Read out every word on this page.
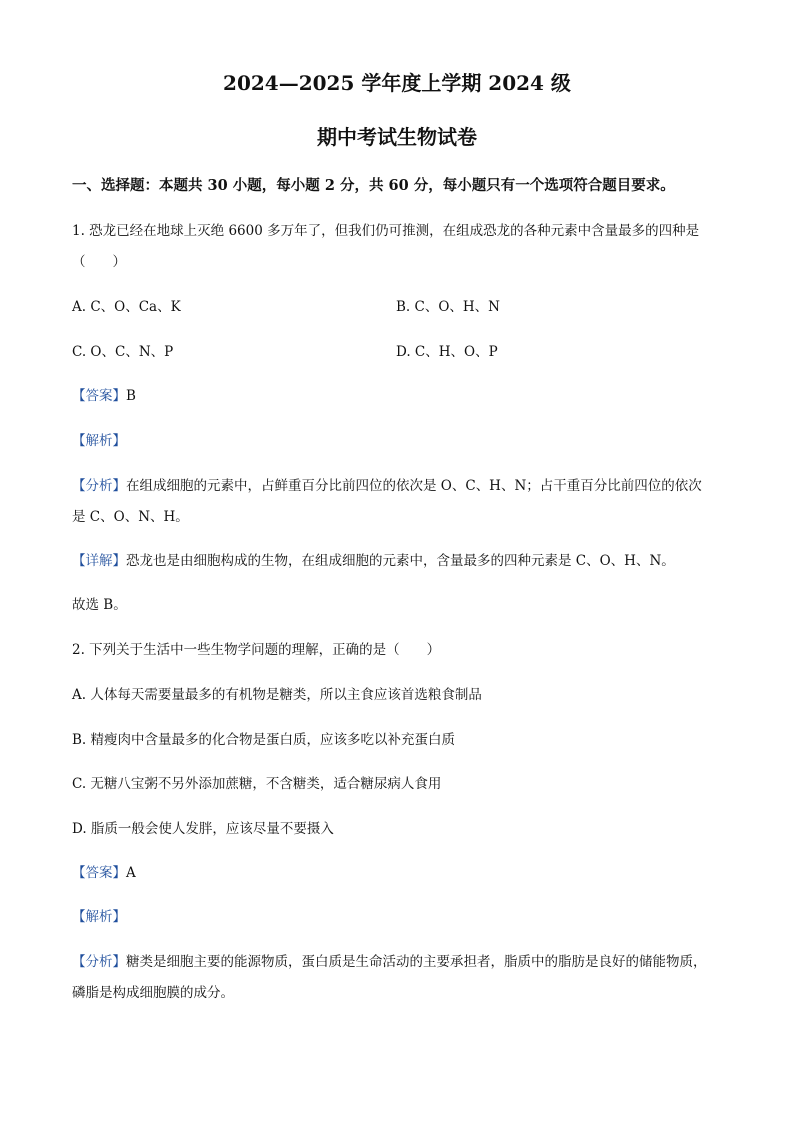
2024—2025 学年度上学期 2024 级
期中考试生物试卷

一、选择题：本题共 30 小题，每小题 2 分，共 60 分，每小题只有一个选项符合题目要求。

1. 恐龙已经在地球上灭绝 6600 多万年了，但我们仍可推测，在组成恐龙的各种元素中含量最多的四种是

（　　）

A. C、O、Ca、K	B. C、O、H、N

C. O、C、N、P	D. C、H、O、P

【答案】B

【解析】

【分析】在组成细胞的元素中，占鲜重百分比前四位的依次是 O、C、H、N；占干重百分比前四位的依次

是 C、O、N、H。

【详解】恐龙也是由细胞构成的生物，在组成细胞的元素中，含量最多的四种元素是 C、O、H、N。

故选 B。

2. 下列关于生活中一些生物学问题的理解，正确的是（　　）

A. 人体每天需要量最多的有机物是糖类，所以主食应该首选粮食制品

B. 精瘦肉中含量最多的化合物是蛋白质，应该多吃以补充蛋白质

C. 无糖八宝粥不另外添加蔗糖，不含糖类，适合糖尿病人食用

D. 脂质一般会使人发胖，应该尽量不要摄入

【答案】A

【解析】

【分析】糖类是细胞主要的能源物质，蛋白质是生命活动的主要承担者，脂质中的脂肪是良好的储能物质，

磷脂是构成细胞膜的成分。
